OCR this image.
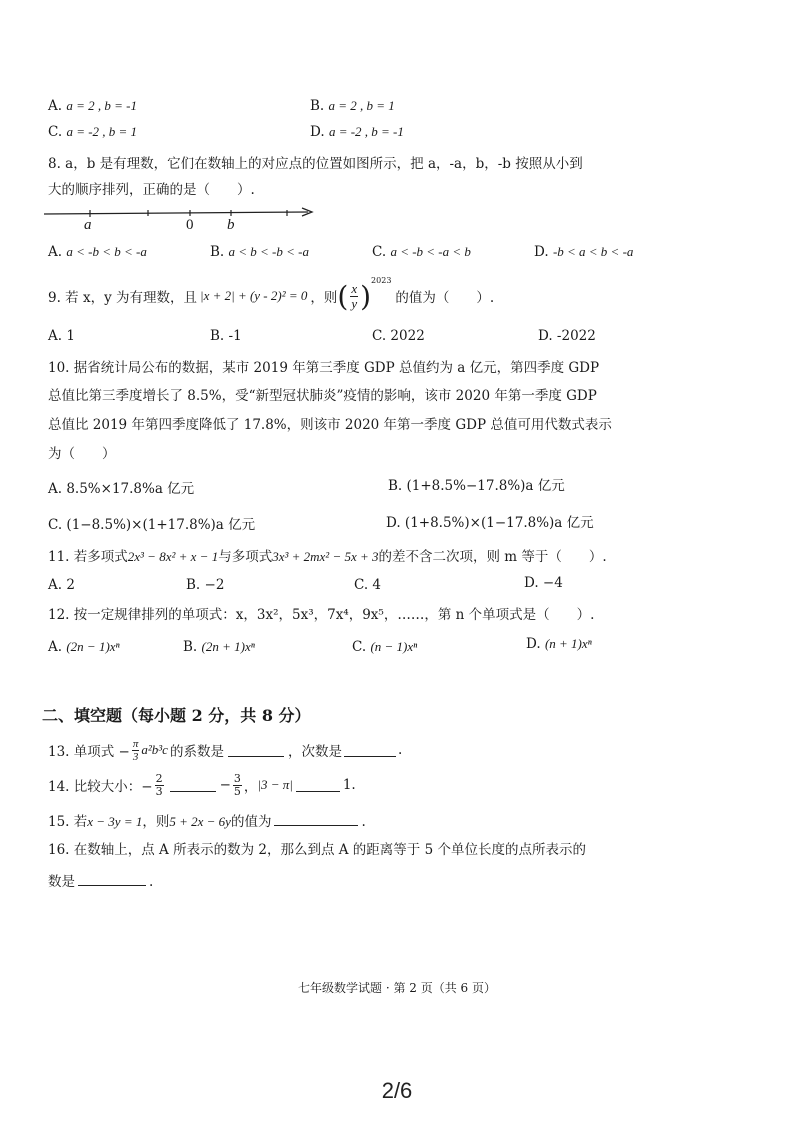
A. a = 2 , b = -1	B. a = 2 , b = 1
C. a = -2 , b = 1	D. a = -2 , b = -1
8. a，b 是有理数，它们在数轴上的对应点的位置如图所示，把 a，-a，b，-b 按照从小到
大的顺序排列，正确的是（　　）.
a	0 b
A. a < -b < b < -a	B. a < b < -b < -a	C. a < -b < -a < b	D. -b < a < b < -a
9. 若 x，y 为有理数，且 |x + 2| + (y - 2)² = 0 ，则 ( $\frac{x}{y}$ ) 2023
的值为（　　）.
A. 1	B. -1	C. 2022	D. -2022
10. 据省统计局公布的数据，某市 2019 年第三季度 GDP 总值约为 a 亿元，第四季度 GDP
总值比第三季度增长了 8.5%，受“新型冠状肺炎”疫情的影响，该市 2020 年第一季度 GDP
总值比 2019 年第四季度降低了 17.8%，则该市 2020 年第一季度 GDP 总值可用代数式表示
为（　　）
A. 8.5%×17.8%a 亿元	B. (1+8.5%−17.8%)a 亿元
C. (1−8.5%)×(1+17.8%)a 亿元	D. (1+8.5%)×(1−17.8%)a 亿元
11. 若多项式2x³ − 8x² + x − 1与多项式3x³ + 2mx² − 5x + 3的差不含二次项，则 m 等于（　　）.
A. 2	B. −2	C. 4	D. −4
12. 按一定规律排列的单项式：x，3x²，5x³，7x⁴，9x⁵，……，第 n 个单项式是（　　）.
A. (2n − 1)xⁿ	B. (2n + 1)xⁿ	C. (n − 1)xⁿ	D. (n + 1)xⁿ
二、填空题（每小题 2 分，共 8 分）
13. 单项式 − $\frac{\pi}{3} a^2b^3c$ 的系数是	，次数是	.
14. 比较大小：− $\frac{2}{3}$	− $\frac{3}{5}$ ， |3 − π|	1.
15. 若x − 3y = 1，则5 + 2x − 6y的值为	.
16. 在数轴上，点 A 所表示的数为 2，那么到点 A 的距离等于 5 个单位长度的点所表示的
数是	.
七年级数学试题 · 第 2 页（共 6 页）
2/6
